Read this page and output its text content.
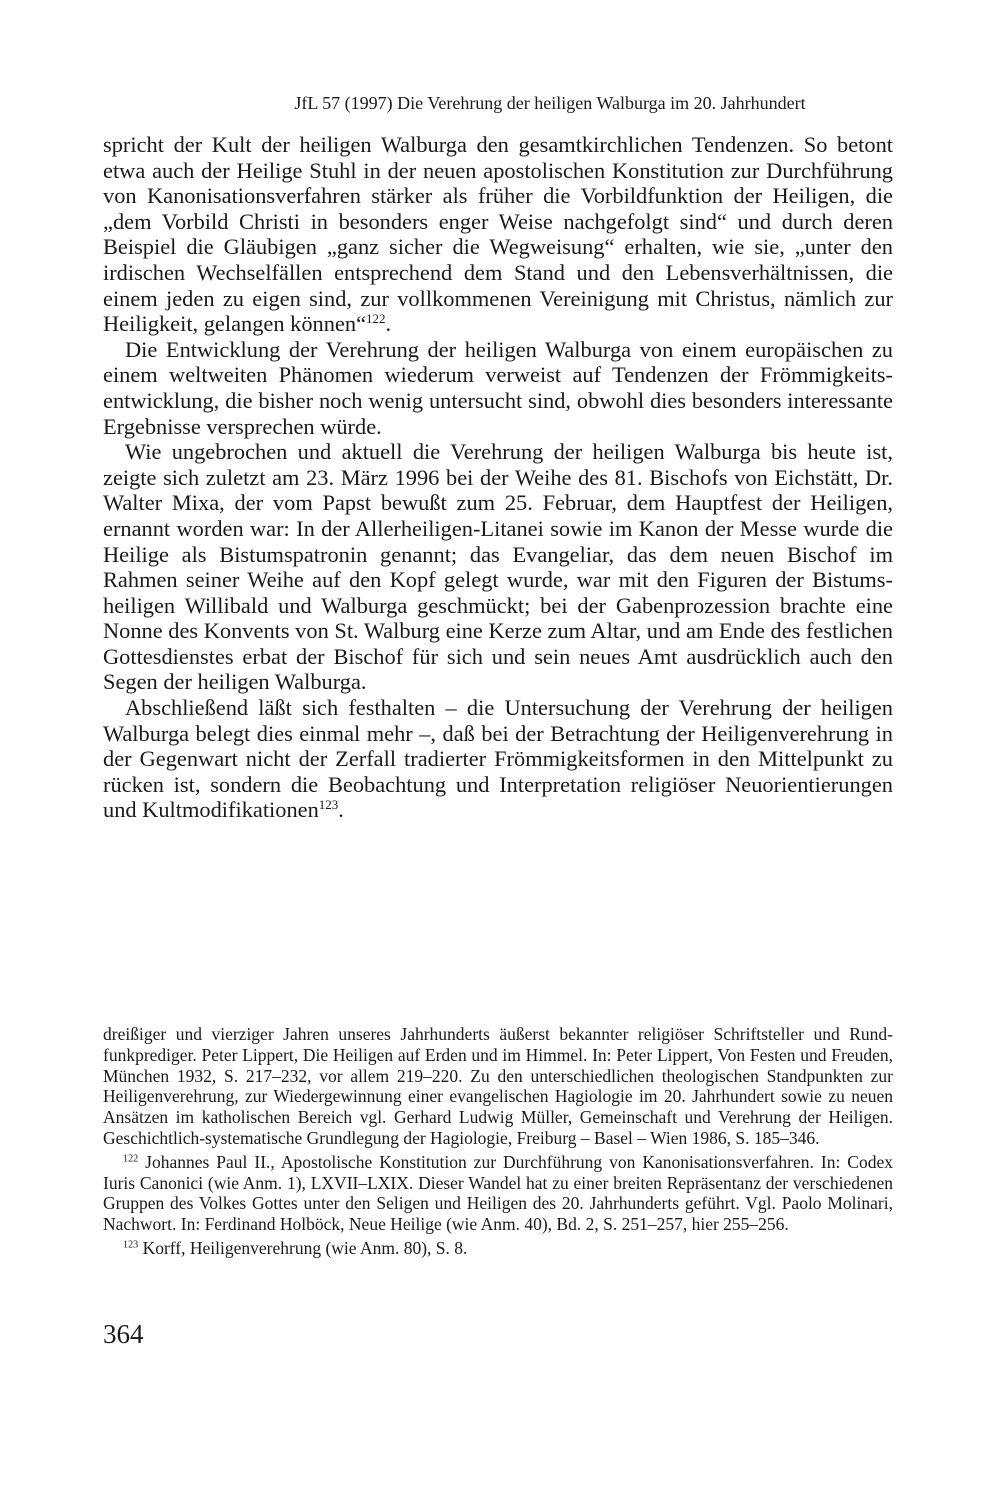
JfL 57 (1997) Die Verehrung der heiligen Walburga im 20. Jahrhundert

spricht der Kult der heiligen Walburga den gesamtkirchlichen Tendenzen. So betont etwa auch der Heilige Stuhl in der neuen apostolischen Konstitution zur Durchführung von Kanonisationsverfahren stärker als früher die Vorbildfunktion der Heiligen, die „dem Vorbild Christi in besonders enger Weise nachgefolgt sind“ und durch deren Beispiel die Gläubigen „ganz sicher die Wegweisung“ erhalten, wie sie, „unter den irdischen Wechselfällen entsprechend dem Stand und den Lebensverhältnissen, die einem jeden zu eigen sind, zur vollkommenen Vereinigung mit Christus, nämlich zur Heiligkeit, gelangen können“$^{122}$.

Die Entwicklung der Verehrung der heiligen Walburga von einem europäischen zu einem weltweiten Phänomen wiederum verweist auf Tendenzen der Frömmigkeitsentwicklung, die bisher noch wenig untersucht sind, obwohl dies besonders interessante Ergebnisse versprechen würde.

Wie ungebrochen und aktuell die Verehrung der heiligen Walburga bis heute ist, zeigte sich zuletzt am 23. März 1996 bei der Weihe des 81. Bischofs von Eichstätt, Dr. Walter Mixa, der vom Papst bewußt zum 25. Februar, dem Hauptfest der Heiligen, ernannt worden war: In der Allerheiligen-Litanei sowie im Kanon der Messe wurde die Heilige als Bistumspatronin genannt; das Evangeliar, das dem neuen Bischof im Rahmen seiner Weihe auf den Kopf gelegt wurde, war mit den Figuren der Bistumsheiligen Willibald und Walburga geschmückt; bei der Gabenprozession brachte eine Nonne des Konvents von St. Walburg eine Kerze zum Altar, und am Ende des festlichen Gottesdienstes erbat der Bischof für sich und sein neues Amt ausdrücklich auch den Segen der heiligen Walburga.

Abschließend läßt sich festhalten – die Untersuchung der Verehrung der heiligen Walburga belegt dies einmal mehr –, daß bei der Betrachtung der Heiligenverehrung in der Gegenwart nicht der Zerfall tradierter Frömmigkeitsformen in den Mittelpunkt zu rücken ist, sondern die Beobachtung und Interpretation religiöser Neuorientierungen und Kultmodifikationen$^{123}$.

dreißiger und vierziger Jahren unseres Jahrhunderts äußerst bekannter religiöser Schriftsteller und Rundfunkprediger. Peter Lippert, Die Heiligen auf Erden und im Himmel. In: Peter Lippert, Von Festen und Freuden, München 1932, S. 217–232, vor allem 219–220. Zu den unterschiedlichen theologischen Standpunkten zur Heiligenverehrung, zur Wiedergewinnung einer evangelischen Hagiologie im 20. Jahrhundert sowie zu neuen Ansätzen im katholischen Bereich vgl. Gerhard Ludwig Müller, Gemeinschaft und Verehrung der Heiligen. Geschichtlich-systematische Grundlegung der Hagiologie, Freiburg – Basel – Wien 1986, S. 185–346.

$^{122}$ Johannes Paul II., Apostolische Konstitution zur Durchführung von Kanonisationsverfahren. In: Codex Iuris Canonici (wie Anm. 1), LXVII–LXIX. Dieser Wandel hat zu einer breiten Repräsentanz der verschiedenen Gruppen des Volkes Gottes unter den Seligen und Heiligen des 20. Jahrhunderts geführt. Vgl. Paolo Molinari, Nachwort. In: Ferdinand Holböck, Neue Heilige (wie Anm. 40), Bd. 2, S. 251–257, hier 255–256.

$^{123}$ Korff, Heiligenverehrung (wie Anm. 80), S. 8.

364
